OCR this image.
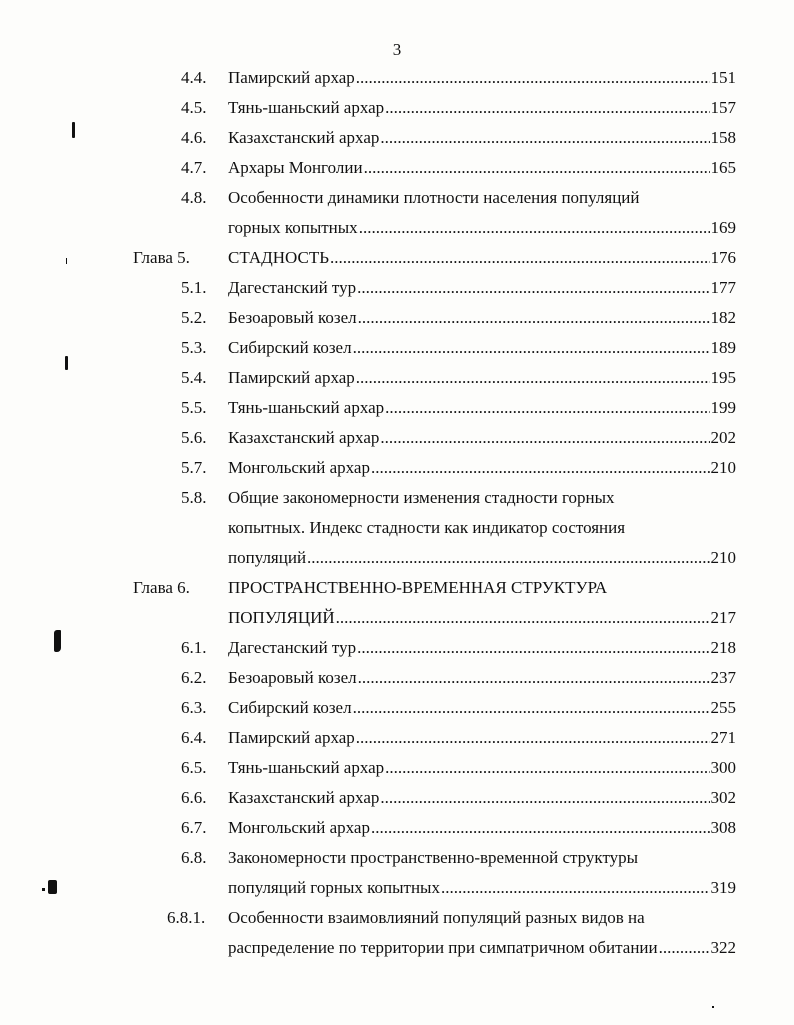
3
4.4. Памирский архар .....	151
4.5. Тянь-шаньский архар .....	157
4.6. Казахстанский архар .....	158
4.7. Архары Монголии .....	165
4.8. Особенности динамики плотности населения популяций
горных копытных .....	169
Глава 5. СТАДНОСТЬ .....	176
5.1. Дагестанский тур .....	177
5.2. Безоаровый козел .....	182
5.3. Сибирский козел .....	189
5.4. Памирский архар .....	195
5.5. Тянь-шаньский архар .....	199
5.6. Казахстанский архар .....	202
5.7. Монгольский архар .....	210
5.8. Общие закономерности изменения стадности горных
копытных. Индекс стадности как индикатор состояния
популяций .....	210
Глава 6. ПРОСТРАНСТВЕННО-ВРЕМЕННАЯ СТРУКТУРА
ПОПУЛЯЦИЙ .....	217
6.1. Дагестанский тур .....	218
6.2. Безоаровый козел .....	237
6.3. Сибирский козел .....	255
6.4. Памирский архар .....	271
6.5. Тянь-шаньский архар .....	300
6.6. Казахстанский архар .....	302
6.7. Монгольский архар .....	308
6.8. Закономерности пространственно-временной структуры
популяций горных копытных .....	319
6.8.1. Особенности взаимовлияний популяций разных видов на
распределение по территории при симпатричном обитании .....	322
